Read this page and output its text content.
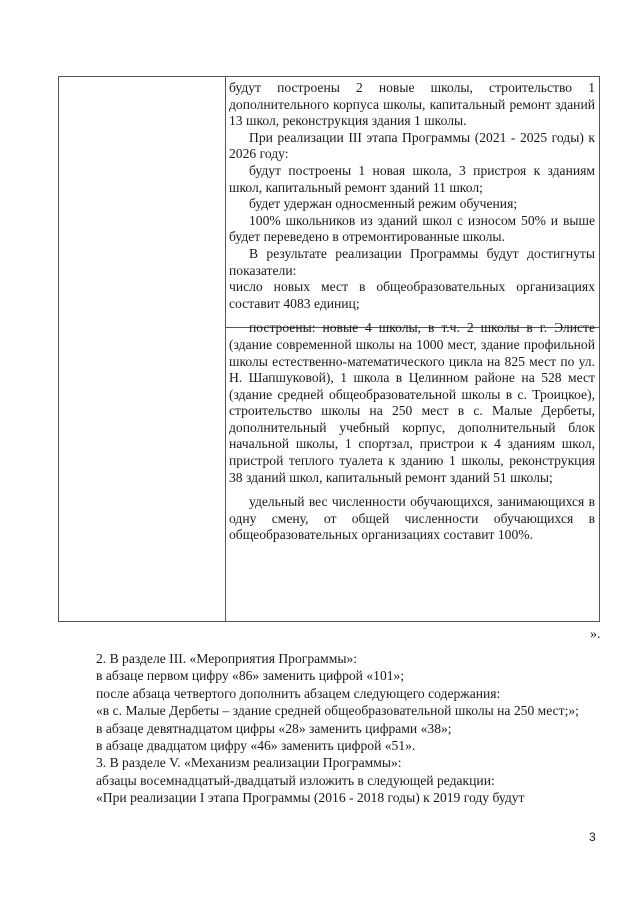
будут построены 2 новые школы, строительство 1 дополнительного корпуса школы, капитальный ремонт зданий 13 школ, реконструкция здания 1 школы.

При реализации III этапа Программы (2021 - 2025 годы) к 2026 году:

будут построены 1 новая школа, 3 пристроя к зданиям школ, капитальный ремонт зданий 11 школ;

будет удержан односменный режим обучения;

100% школьников из зданий школ с износом 50% и выше будет переведено в отремонтированные школы.

В результате реализации Программы будут достигнуты показатели:

число новых мест в общеобразовательных организациях составит 4083 единиц;

построены: новые 4 школы, в т.ч. 2 школы в г. Элисте (здание современной школы на 1000 мест, здание профильной школы естественно-математического цикла на 825 мест по ул. Н. Шапшуковой), 1 школа в Целинном районе на 528 мест (здание средней общеобразовательной школы в с. Троицкое), строительство школы на 250 мест в с. Малые Дербеты, дополнительный учебный корпус, дополнительный блок начальной школы, 1 спортзал, пристрои к 4 зданиям школ, пристрой теплого туалета к зданию 1 школы, реконструкция 38 зданий школ, капитальный ремонт зданий 51 школы;

удельный вес численности обучающихся, занимающихся в одну смену, от общей численности обучающихся в общеобразовательных организациях составит 100%.

».

2. В разделе III. «Мероприятия Программы»:

в абзаце первом цифру «86» заменить цифрой «101»;

после абзаца четвертого дополнить абзацем следующего содержания:

«в с. Малые Дербеты – здание средней общеобразовательной школы на 250 мест;»;

в абзаце девятнадцатом цифры «28» заменить цифрами «38»;

в абзаце двадцатом цифру «46» заменить цифрой «51».

3. В разделе V. «Механизм реализации Программы»:

абзацы восемнадцатый-двадцатый изложить в следующей редакции:

«При реализации I этапа Программы (2016 - 2018 годы) к 2019 году будут

3
